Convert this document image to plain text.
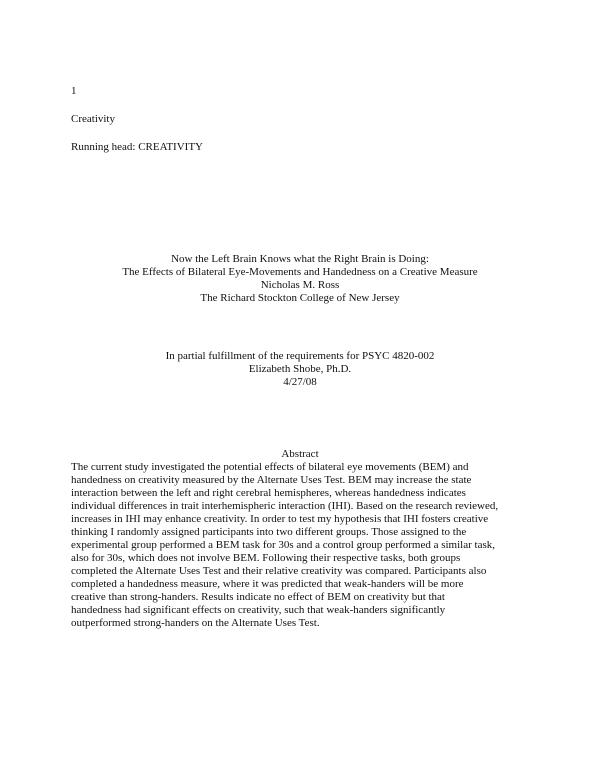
1
Creativity
Running head: CREATIVITY
Now the Left Brain Knows what the Right Brain is Doing:
The Effects of Bilateral Eye-Movements and Handedness on a Creative Measure
Nicholas M. Ross
The Richard Stockton College of New Jersey
In partial fulfillment of the requirements for PSYC 4820-002
Elizabeth Shobe, Ph.D.
4/27/08
Abstract
The current study investigated the potential effects of bilateral eye movements (BEM) and
handedness on creativity measured by the Alternate Uses Test. BEM may increase the state
interaction between the left and right cerebral hemispheres, whereas handedness indicates
individual differences in trait interhemispheric interaction (IHI). Based on the research reviewed,
increases in IHI may enhance creativity. In order to test my hypothesis that IHI fosters creative
thinking I randomly assigned participants into two different groups. Those assigned to the
experimental group performed a BEM task for 30s and a control group performed a similar task,
also for 30s, which does not involve BEM. Following their respective tasks, both groups
completed the Alternate Uses Test and their relative creativity was compared. Participants also
completed a handedness measure, where it was predicted that weak-handers will be more
creative than strong-handers. Results indicate no effect of BEM on creativity but that
handedness had significant effects on creativity, such that weak-handers significantly
outperformed strong-handers on the Alternate Uses Test.
